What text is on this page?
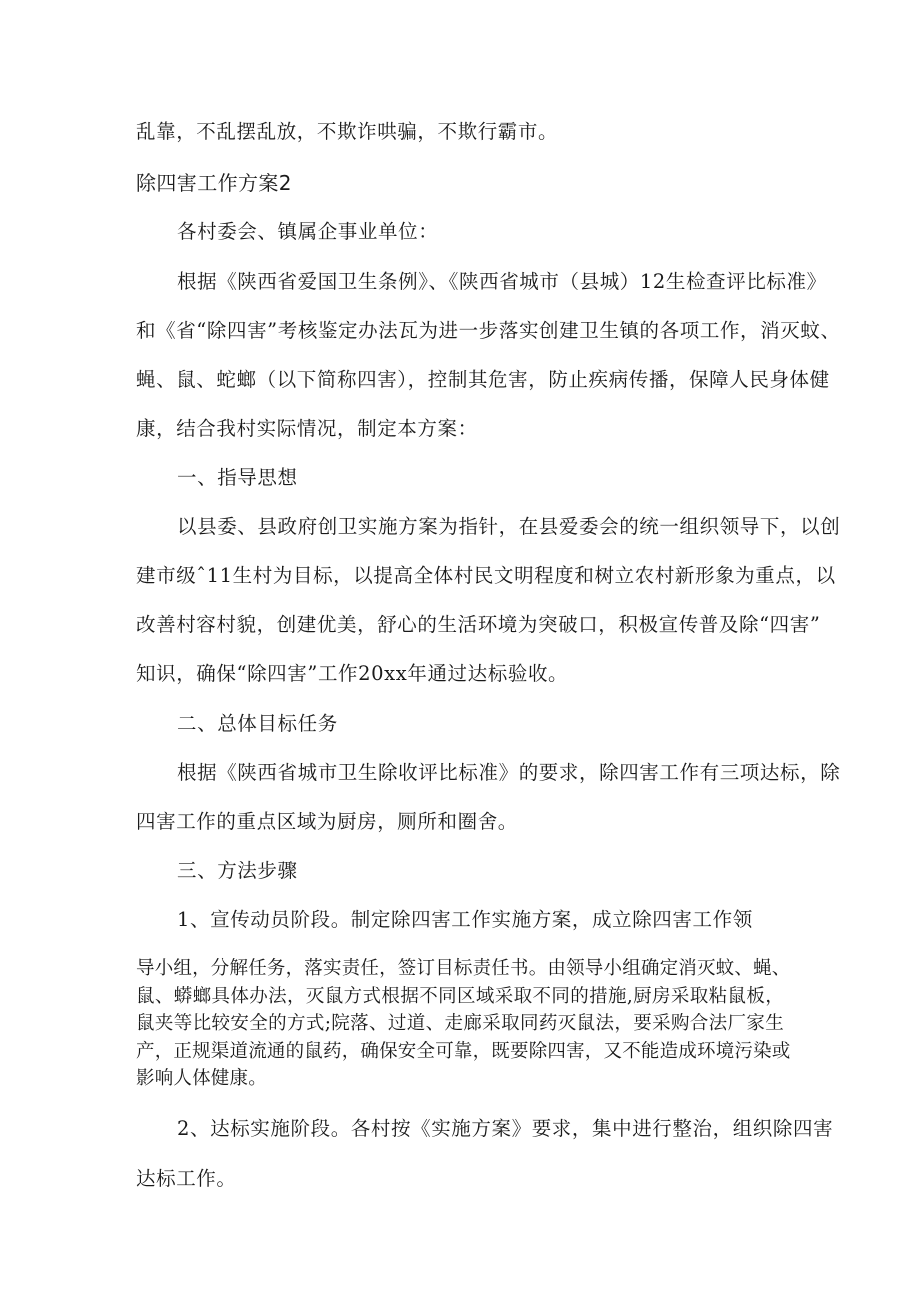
乱靠，不乱摆乱放，不欺诈哄骗，不欺行霸市。
除四害工作方案2
各村委会、镇属企事业单位：
根据《陕西省爱国卫生条例》、《陕西省城市（县城）12生检查评比标准》
和《省“除四害”考核鉴定办法瓦为进一步落实创建卫生镇的各项工作，消灭蚊、
蝇、鼠、蛇螂（以下简称四害），控制其危害，防止疾病传播，保障人民身体健
康，结合我村实际情况，制定本方案：
一、指导思想
以县委、县政府创卫实施方案为指针，在县爱委会的统一组织领导下，以创
建市级ˆ11生村为目标，以提高全体村民文明程度和树立农村新形象为重点，以
改善村容村貌，创建优美，舒心的生活环境为突破口，积极宣传普及除“四害”
知识，确保“除四害”工作20xx年通过达标验收。
二、总体目标任务
根据《陕西省城市卫生除收评比标准》的要求，除四害工作有三项达标，除
四害工作的重点区域为厨房，厕所和圈舍。
三、方法步骤
1、宣传动员阶段。制定除四害工作实施方案，成立除四害工作领
导小组，分解任务，落实责任，签订目标责任书。由领导小组确定消灭蚊、蝇、
鼠、蟒螂具体办法，灭鼠方式根据不同区域采取不同的措施,厨房采取粘鼠板，
鼠夹等比较安全的方式;院落、过道、走廊采取同药灭鼠法，要采购合法厂家生
产，正规渠道流通的鼠药，确保安全可靠，既要除四害，又不能造成环境污染或
影响人体健康。
2、达标实施阶段。各村按《实施方案》要求，集中进行整治，组织除四害
达标工作。
